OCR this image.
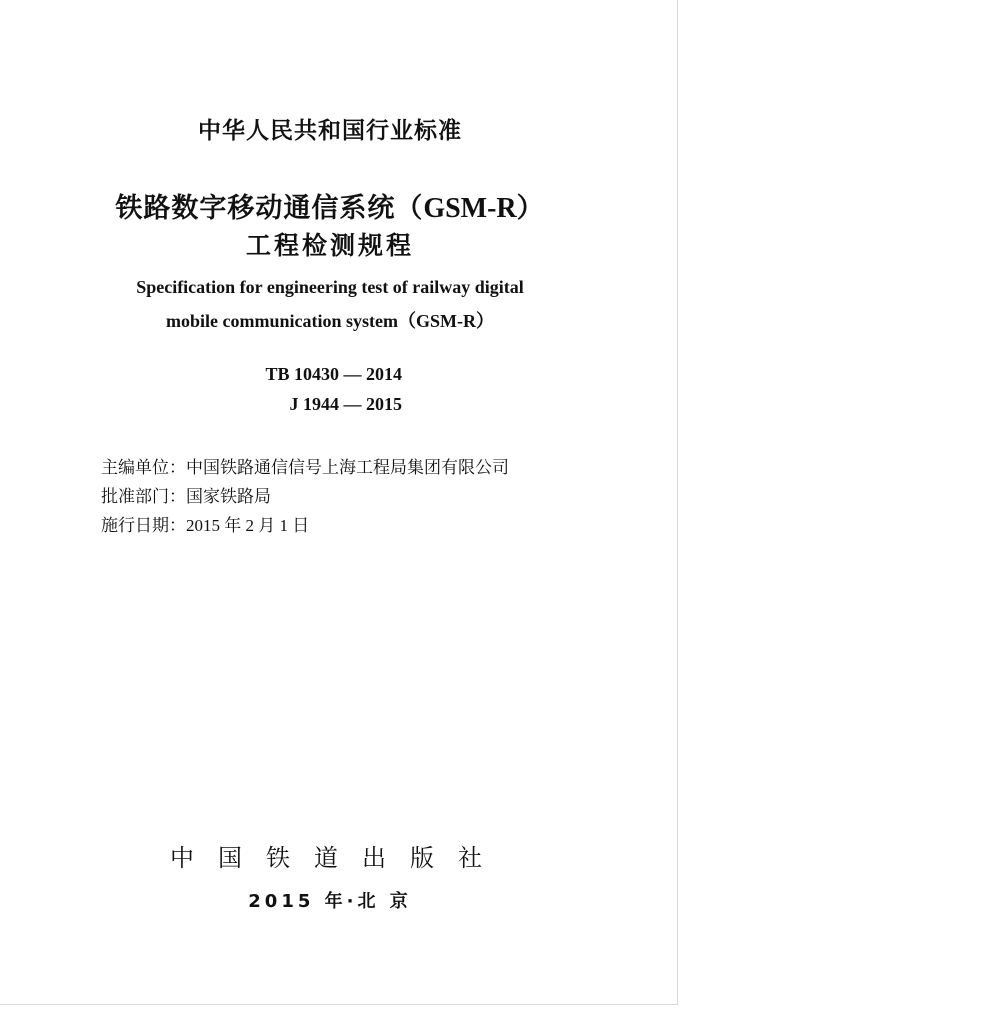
中华人民共和国行业标准
铁路数字移动通信系统（GSM-R）
工程检测规程
Specification for engineering test of railway digital
mobile communication system（GSM-R）
TB 10430 — 2014
J 1944 — 2015
主编单位：中国铁路通信信号上海工程局集团有限公司
批准部门：国家铁路局
施行日期：2015 年 2 月 1 日
中国铁道出版社
2015 年·北 京
